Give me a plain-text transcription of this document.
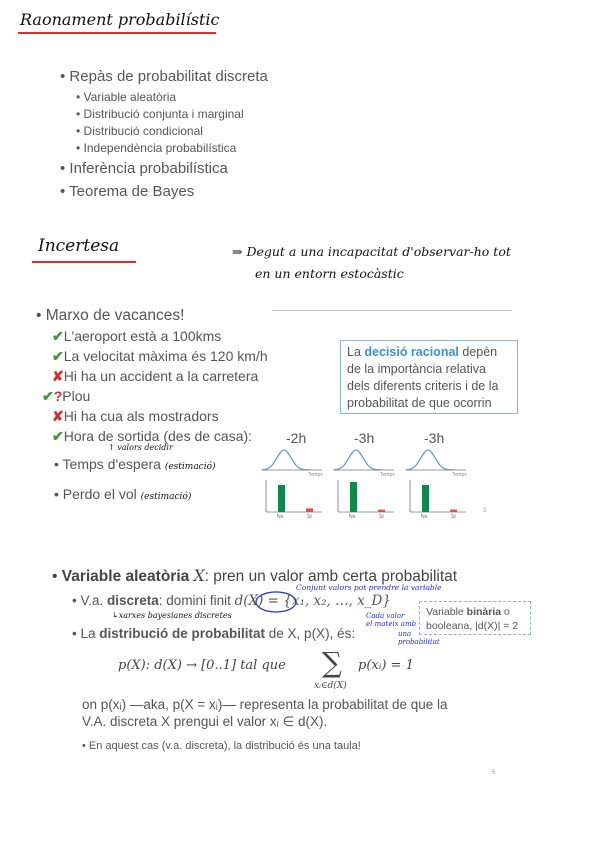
Raonament probabilístic
• Repàs de probabilitat discreta
• Variable aleatòria
• Distribució conjunta i marginal
• Distribució condicional
• Independència probabilística
• Inferència probabilística
• Teorema de Bayes
Incertesa	⇒ Degut a una incapacitat d'observar-ho tot
en un entorn estocàstic
• Marxo de vacances!
✔L'aeroport està a 100kms
✔La velocitat màxima és 120 km/h
✘Hi ha un accident a la carretera
✔?Plou
✘Hi ha cua als mostradors
✔Hora de sortida (des de casa): -2h	-3h	-3h
↑ valors decidir
• Temps d'espera (estimació)
• Perdo el vol (estimació)
La decisió racional depèn de la importància relativa dels diferents criteris i de la probabilitat de que ocorrin
Temps
No	Sí
Temps
No	Sí
Temps
No	Sí
3
• Variable aleatòria X: pren un valor amb certa probabilitat
• V.a. discreta: domini finit d(X) = {x₁, x₂, …, x_D}
Conjunt valors pot prendre la variable
↳xarxes bayesianes discretes	Variable binària o
booleana, |d(X)| = 2
• La distribució de probabilitat de X, p(X), és:
Cada valor
el mateix amb
una
probabilitat
p(X): d(X) → [0..1] tal que ∑
xᵢ∈d(X)
p(xᵢ) = 1
on p(xᵢ) —aka, p(X = xᵢ)— representa la probabilitat de que la
V.A. discreta X prengui el valor xᵢ ∈ d(X).
• En aquest cas (v.a. discreta), la distribució és una taula!
5
